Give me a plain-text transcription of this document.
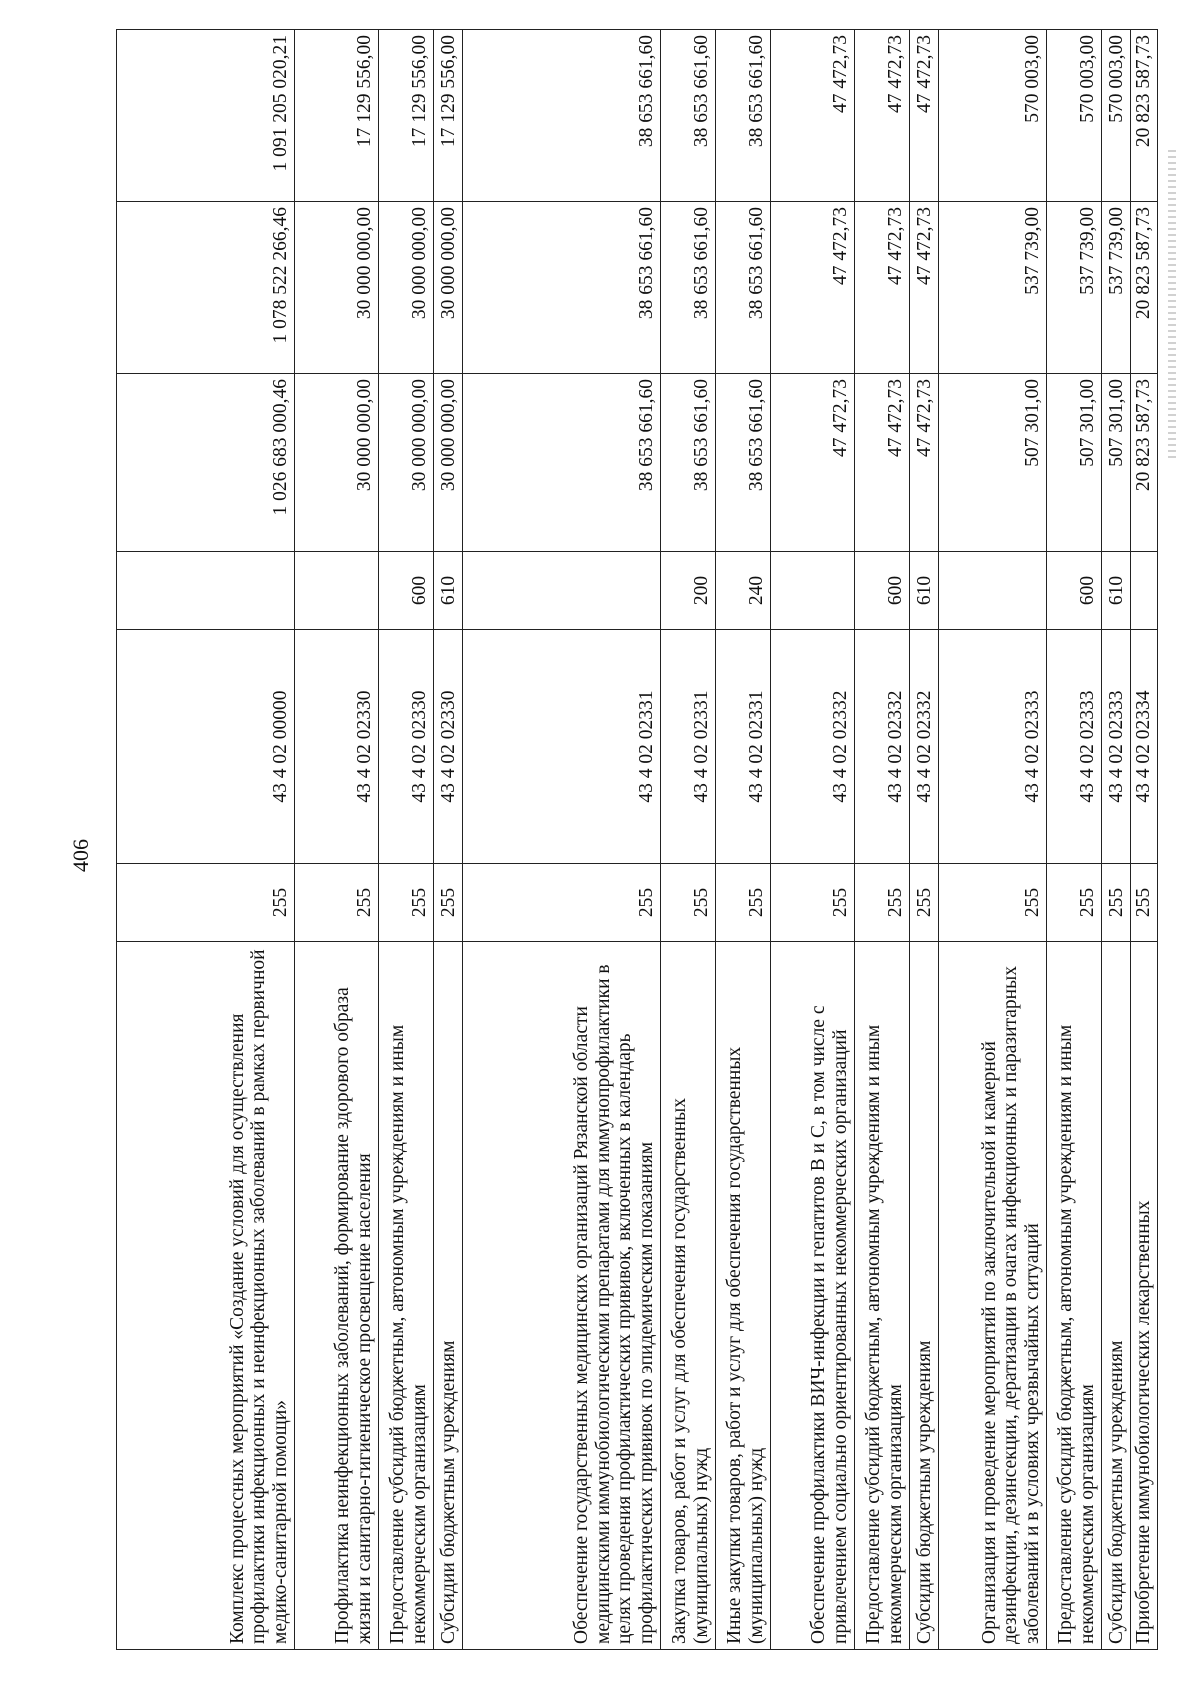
406
Комплекс процессных мероприятий «Создание условий для осуществления профилактики инфекционных и неинфекционных заболеваний в рамках первичной медико-санитарной помощи»	255	43 4 02 00000		1 026 683 000,46	1 078 522 266,46	1 091 205 020,21
Профилактика неинфекционных заболеваний, формирование здорового образа жизни и санитарно-гигиеническое просвещение населения	255	43 4 02 02330		30 000 000,00	30 000 000,00	17 129 556,00
Предоставление субсидий бюджетным, автономным учреждениям и иным некоммерческим организациям	255	43 4 02 02330	600	30 000 000,00	30 000 000,00	17 129 556,00
Субсидии бюджетным учреждениям	255	43 4 02 02330	610	30 000 000,00	30 000 000,00	17 129 556,00
Обеспечение государственных медицинских организаций Рязанской области медицинскими иммунобиологическими препаратами для иммунопрофилактики в целях проведения профилактических прививок, включенных в календарь профилактических прививок по эпидемическим показаниям	255	43 4 02 02331		38 653 661,60	38 653 661,60	38 653 661,60
Закупка товаров, работ и услуг для обеспечения государственных (муниципальных) нужд	255	43 4 02 02331	200	38 653 661,60	38 653 661,60	38 653 661,60
Иные закупки товаров, работ и услуг для обеспечения государственных (муниципальных) нужд	255	43 4 02 02331	240	38 653 661,60	38 653 661,60	38 653 661,60
Обеспечение профилактики ВИЧ-инфекции и гепатитов В и С, в том числе с привлечением социально ориентированных некоммерческих организаций	255	43 4 02 02332		47 472,73	47 472,73	47 472,73
Предоставление субсидий бюджетным, автономным учреждениям и иным некоммерческим организациям	255	43 4 02 02332	600	47 472,73	47 472,73	47 472,73
Субсидии бюджетным учреждениям	255	43 4 02 02332	610	47 472,73	47 472,73	47 472,73
Организация и проведение мероприятий по заключительной и камерной дезинфекции, дезинсекции, дератизации в очагах инфекционных и паразитарных заболеваний и в условиях чрезвычайных ситуаций	255	43 4 02 02333		507 301,00	537 739,00	570 003,00
Предоставление субсидий бюджетным, автономным учреждениям и иным некоммерческим организациям	255	43 4 02 02333	600	507 301,00	537 739,00	570 003,00
Субсидии бюджетным учреждениям	255	43 4 02 02333	610	507 301,00	537 739,00	570 003,00
Приобретение иммунобиологических лекарственных	255	43 4 02 02334		20 823 587,73	20 823 587,73	20 823 587,73
